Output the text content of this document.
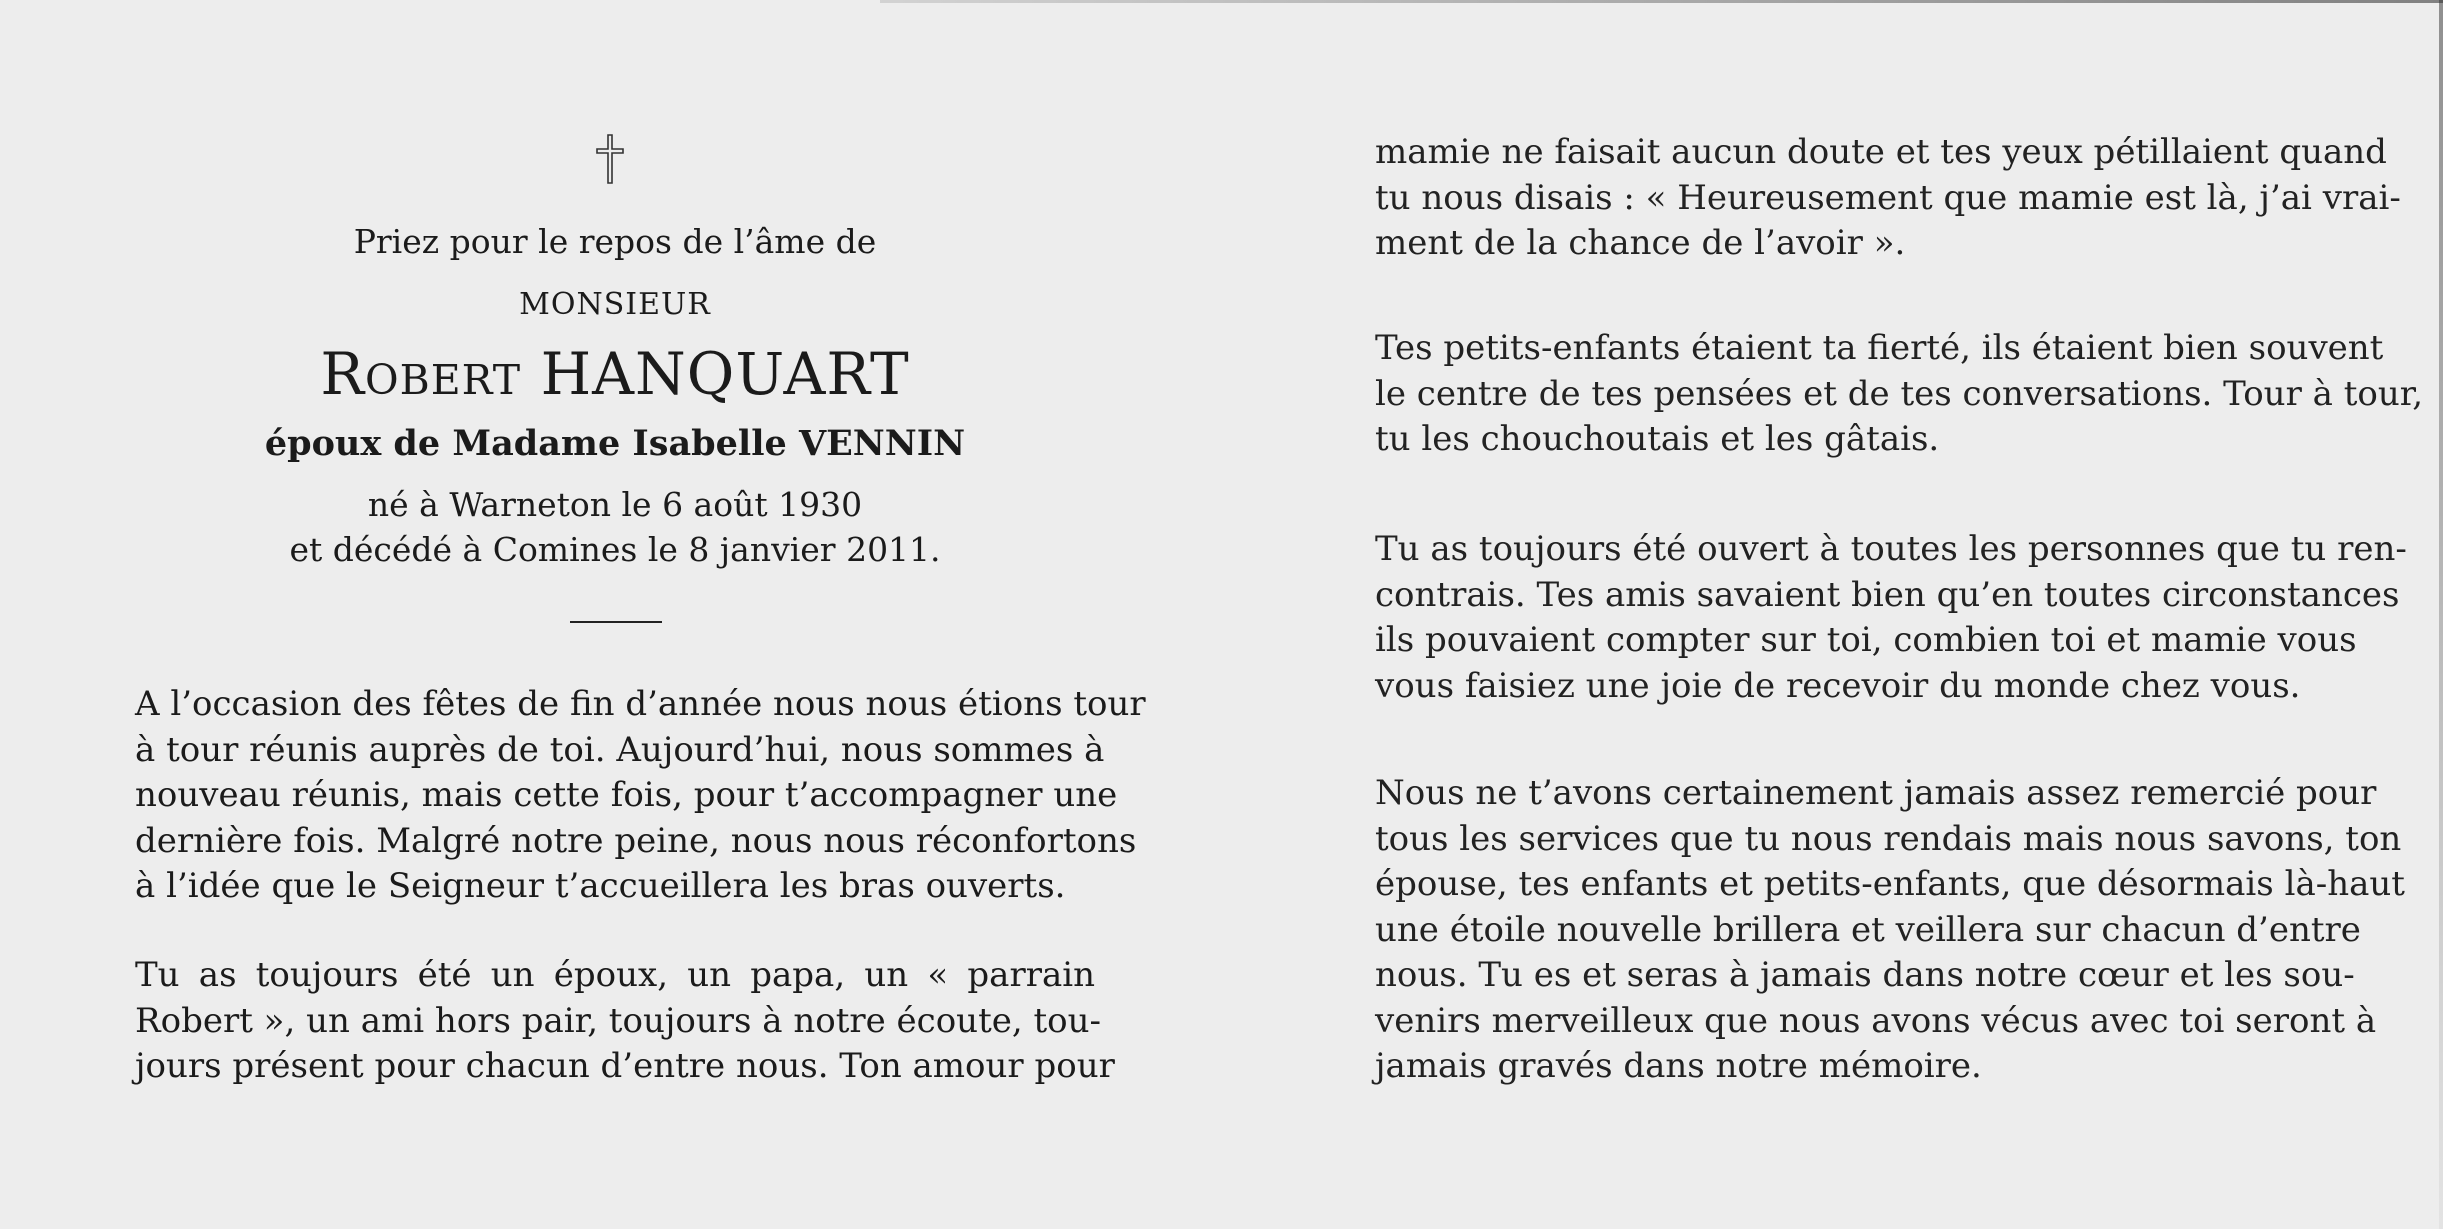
Priez pour le repos de l’âme de
MONSIEUR
Robert HANQUART
époux de Madame Isabelle VENNIN
né à Warneton le 6 août 1930
et décédé à Comines le 8 janvier 2011.
A l’occasion des fêtes de fin d’année nous nous étions tour
à tour réunis auprès de toi. Aujourd’hui, nous sommes à
nouveau réunis, mais cette fois, pour t’accompagner une
dernière fois. Malgré notre peine, nous nous réconfortons
à l’idée que le Seigneur t’accueillera les bras ouverts.
Tu as toujours été un époux, un papa, un « parrain
Robert », un ami hors pair, toujours à notre écoute, tou-
jours présent pour chacun d’entre nous. Ton amour pour
mamie ne faisait aucun doute et tes yeux pétillaient quand
tu nous disais : « Heureusement que mamie est là, j’ai vrai-
ment de la chance de l’avoir ».
Tes petits-enfants étaient ta fierté, ils étaient bien souvent
le centre de tes pensées et de tes conversations. Tour à tour,
tu les chouchoutais et les gâtais.
Tu as toujours été ouvert à toutes les personnes que tu ren-
contrais. Tes amis savaient bien qu’en toutes circonstances
ils pouvaient compter sur toi, combien toi et mamie vous
vous faisiez une joie de recevoir du monde chez vous.
Nous ne t’avons certainement jamais assez remercié pour
tous les services que tu nous rendais mais nous savons, ton
épouse, tes enfants et petits-enfants, que désormais là-haut
une étoile nouvelle brillera et veillera sur chacun d’entre
nous. Tu es et seras à jamais dans notre cœur et les sou-
venirs merveilleux que nous avons vécus avec toi seront à
jamais gravés dans notre mémoire.
